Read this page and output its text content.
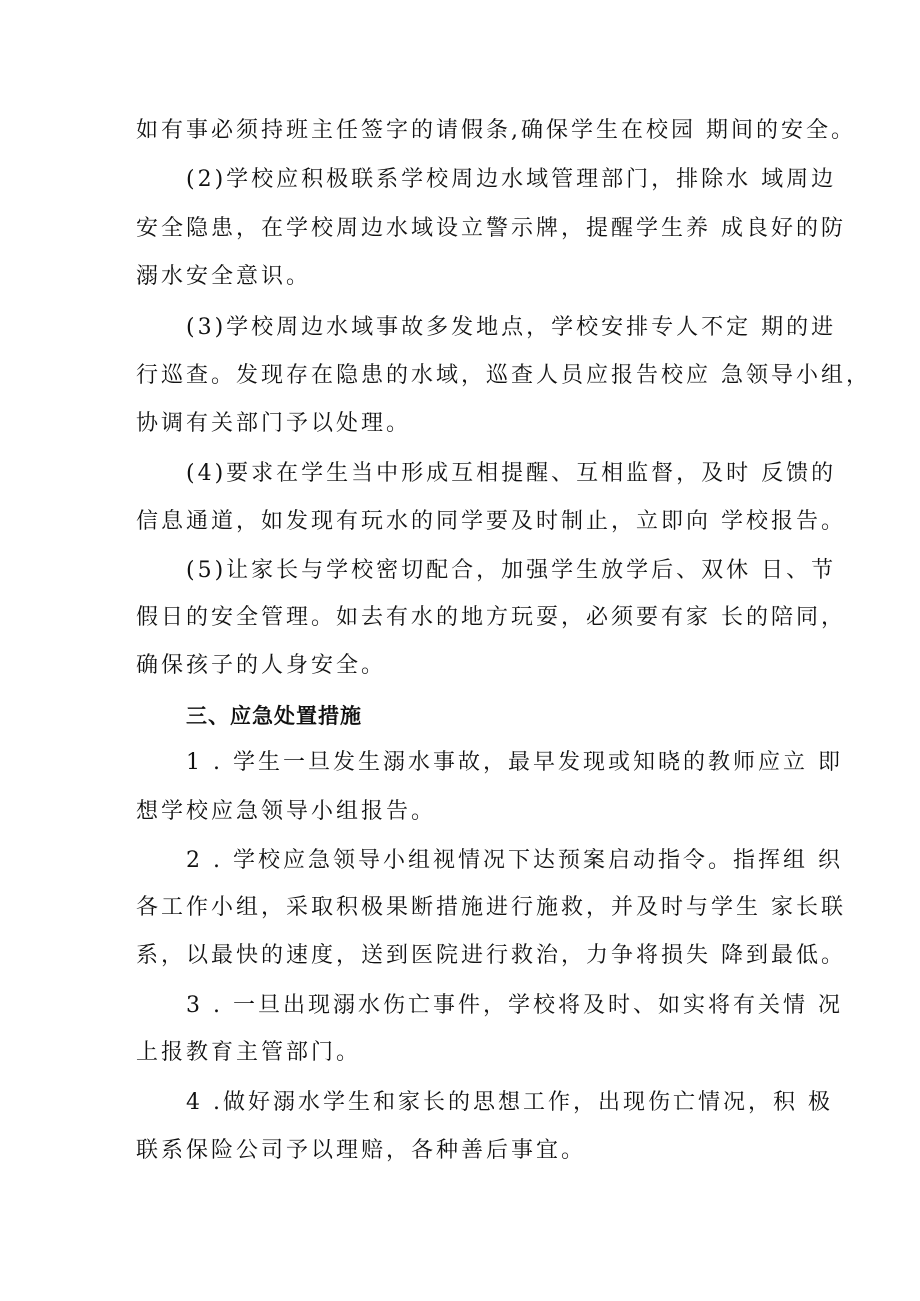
如有事必须持班主任签字的请假条,确保学生在校园 期间的安全。
(2)学校应积极联系学校周边水域管理部门，排除水 域周边
安全隐患，在学校周边水域设立警示牌，提醒学生养 成良好的防
溺水安全意识。
(3)学校周边水域事故多发地点，学校安排专人不定 期的进
行巡查。发现存在隐患的水域，巡查人员应报告校应 急领导小组，
协调有关部门予以处理。
(4)要求在学生当中形成互相提醒、互相监督，及时 反馈的
信息通道，如发现有玩水的同学要及时制止，立即向 学校报告。
(5)让家长与学校密切配合，加强学生放学后、双休 日、节
假日的安全管理。如去有水的地方玩耍，必须要有家 长的陪同，
确保孩子的人身安全。
三、应急处置措施
1 . 学生一旦发生溺水事故，最早发现或知晓的教师应立 即
想学校应急领导小组报告。
2 . 学校应急领导小组视情况下达预案启动指令。指挥组 织
各工作小组，采取积极果断措施进行施救，并及时与学生 家长联
系，以最快的速度，送到医院进行救治，力争将损失 降到最低。
3 . 一旦出现溺水伤亡事件，学校将及时、如实将有关情 况
上报教育主管部门。
4 .做好溺水学生和家长的思想工作，出现伤亡情况，积 极
联系保险公司予以理赔，各种善后事宜。
